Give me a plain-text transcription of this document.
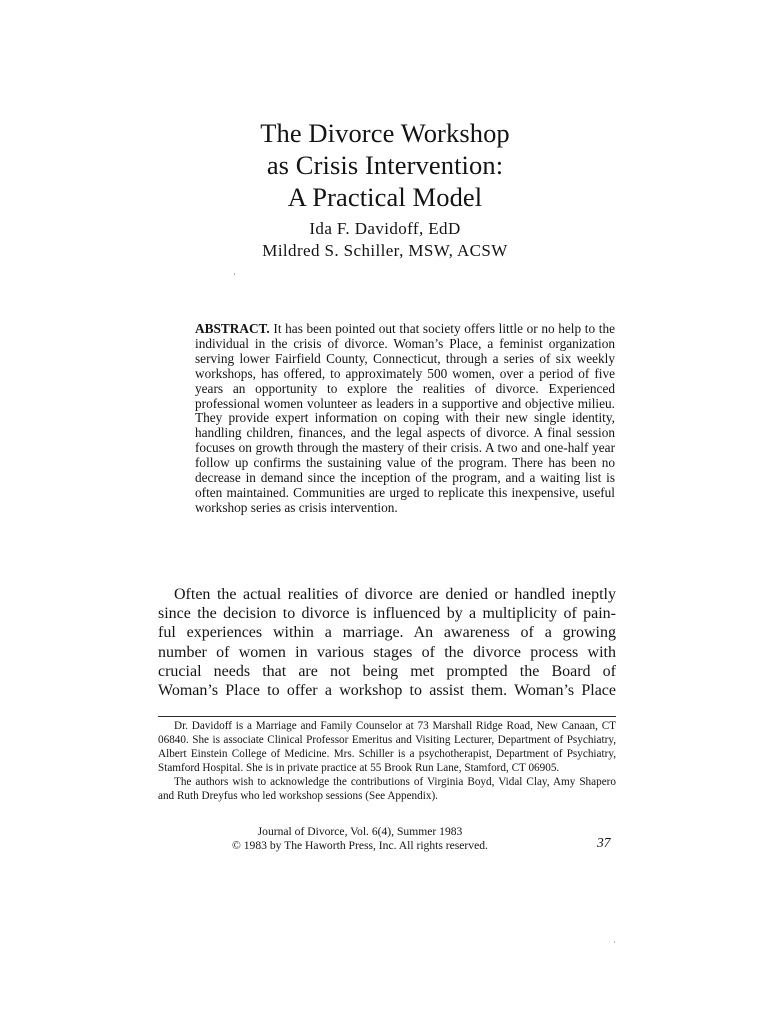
The Divorce Workshop
as Crisis Intervention:
A Practical Model
Ida F. Davidoff, EdD
Mildred S. Schiller, MSW, ACSW
ABSTRACT. It has been pointed out that society offers little or no help to the individual in the crisis of divorce. Woman’s Place, a feminist organization serving lower Fairfield County, Connecticut, through a series of six weekly workshops, has offered, to approximately 500 women, over a period of five years an opportunity to explore the realities of divorce. Experienced professional women volunteer as leaders in a supportive and objective milieu. They provide expert information on coping with their new single identity, handling children, finances, and the legal aspects of divorce. A final session focuses on growth through the mastery of their crisis. A two and one-half year follow up confirms the sustaining value of the program. There has been no decrease in demand since the inception of the program, and a waiting list is often maintained. Communities are urged to replicate this inexpensive, useful workshop series as crisis intervention.
Often the actual realities of divorce are denied or handled ineptly
since the decision to divorce is influenced by a multiplicity of pain-
ful experiences within a marriage. An awareness of a growing
number of women in various stages of the divorce process with
crucial needs that are not being met prompted the Board of
Woman’s Place to offer a workshop to assist them. Woman’s Place

Dr. Davidoff is a Marriage and Family Counselor at 73 Marshall Ridge Road, New Canaan, CT 06840. She is associate Clinical Professor Emeritus and Visiting Lecturer, Department of Psychiatry, Albert Einstein College of Medicine. Mrs. Schiller is a psychotherapist, Department of Psychiatry, Stamford Hospital. She is in private practice at 55 Brook Run Lane, Stamford, CT 06905.

The authors wish to acknowledge the contributions of Virginia Boyd, Vidal Clay, Amy Shapero and Ruth Dreyfus who led workshop sessions (See Appendix).

Journal of Divorce, Vol. 6(4), Summer 1983
© 1983 by The Haworth Press, Inc. All rights reserved.	37
